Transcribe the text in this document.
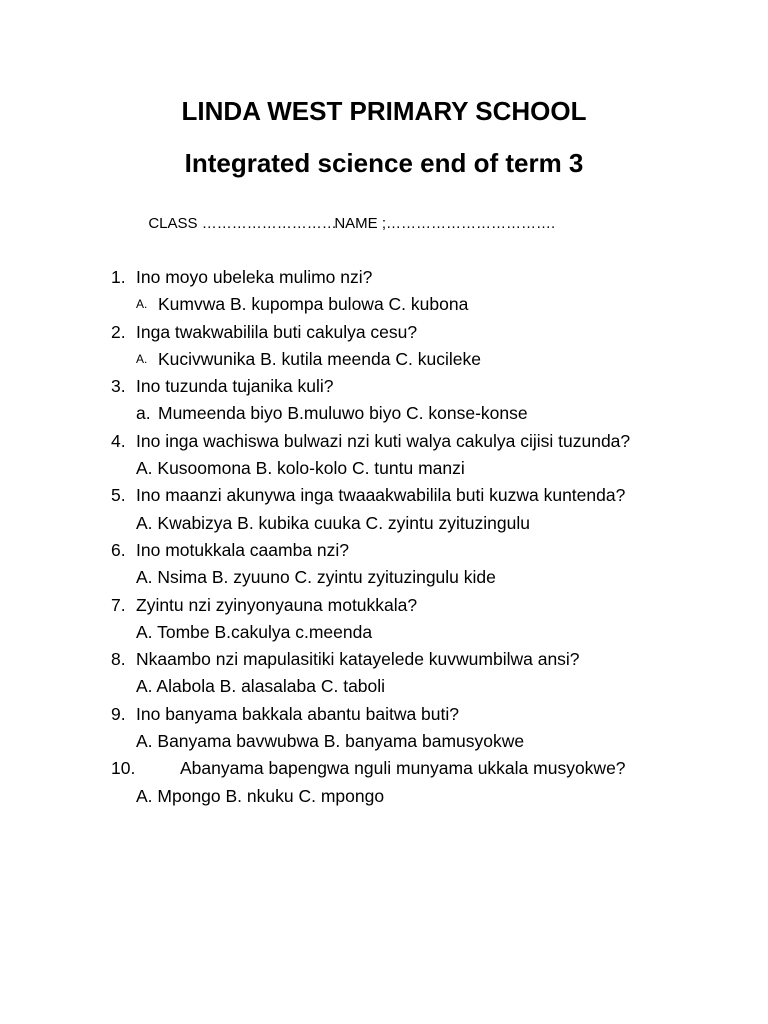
LINDA WEST PRIMARY SCHOOL
Integrated science end of term 3

CLASS ………………………NAME ;…………………………….

1. Ino moyo ubeleka mulimo nzi?
A. Kumvwa B. kupompa bulowa C. kubona
2. Inga twakwabilila buti cakulya cesu?
A. Kucivwunika B. kutila meenda C. kucileke
3. Ino tuzunda tujanika kuli?
a. Mumeenda biyo B.muluwo biyo C. konse-konse
4. Ino inga wachiswa bulwazi nzi kuti walya cakulya cijisi tuzunda?
A. Kusoomona B. kolo-kolo C. tuntu manzi
5. Ino maanzi akunywa inga twaaakwabilila buti kuzwa kuntenda?
A. Kwabizya B. kubika cuuka C. zyintu zyituzingulu
6. Ino motukkala caamba nzi?
A. Nsima B. zyuuno C. zyintu zyituzingulu kide
7. Zyintu nzi zyinyonyauna motukkala?
A. Tombe B.cakulya c.meenda
8. Nkaambo nzi mapulasitiki katayelede kuvwumbilwa ansi?
A. Alabola B. alasalaba C. taboli
9. Ino banyama bakkala abantu baitwa buti?
A. Banyama bavwubwa B. banyama bamusyokwe
10.	Abanyama bapengwa nguli munyama ukkala musyokwe?
A. Mpongo B. nkuku C. mpongo
